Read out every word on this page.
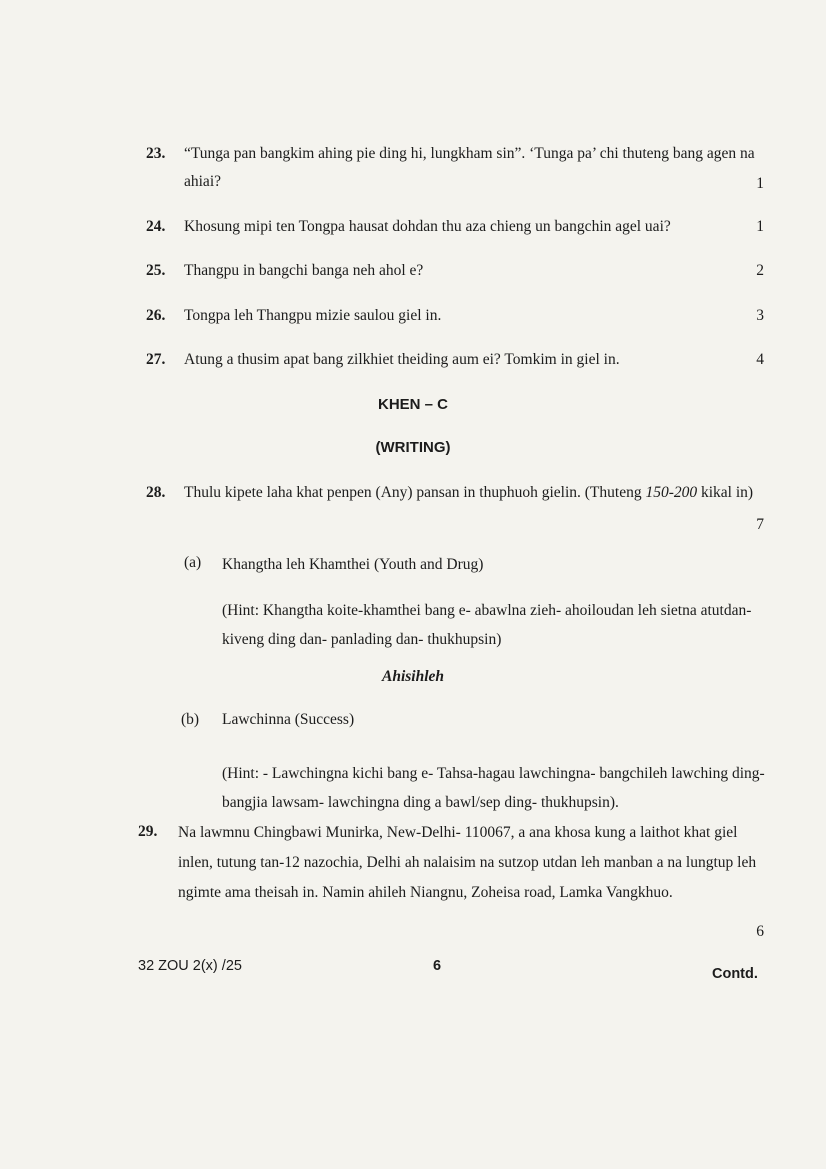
23. “Tunga pan bangkim ahing pie ding hi, lungkham sin”. ‘Tunga pa’ chi thuteng bang agen na ahiai?	1
24. Khosung mipi ten Tongpa hausat dohdan thu aza chieng un bangchin agel uai?	1
25. Thangpu in bangchi banga neh ahol e?	2
26. Tongpa leh Thangpu mizie saulou giel in.	3
27. Atung a thusim apat bang zilkhiet theiding aum ei? Tomkim in giel in.	4
KHEN – C
(WRITING)
28. Thulu kipete laha khat penpen (Any) pansan in thuphuoh gielin. (Thuteng 150-200 kikal in)
7
(a) Khangtha leh Khamthei (Youth and Drug)
(Hint: Khangtha koite-khamthei bang e- abawlna zieh- ahoiloudan leh sietna atutdan- kiveng ding dan- panlading dan- thukhupsin)
Ahisihleh
(b) Lawchinna (Success)
(Hint: - Lawchingna kichi bang e- Tahsa-hagau lawchingna- bangchileh lawching ding- bangjia lawsam- lawchingna ding a bawl/sep ding- thukhupsin).
29. Na lawmnu Chingbawi Munirka, New-Delhi- 110067, a ana khosa kung a laithot khat giel inlen, tutung tan-12 nazochia, Delhi ah nalaisim na sutzop utdan leh manban a na lungtup leh ngimte ama theisah in. Namin ahileh Niangnu, Zoheisa road, Lamka Vangkhuo.
6
32 ZOU 2(x) /25	6	Contd.
